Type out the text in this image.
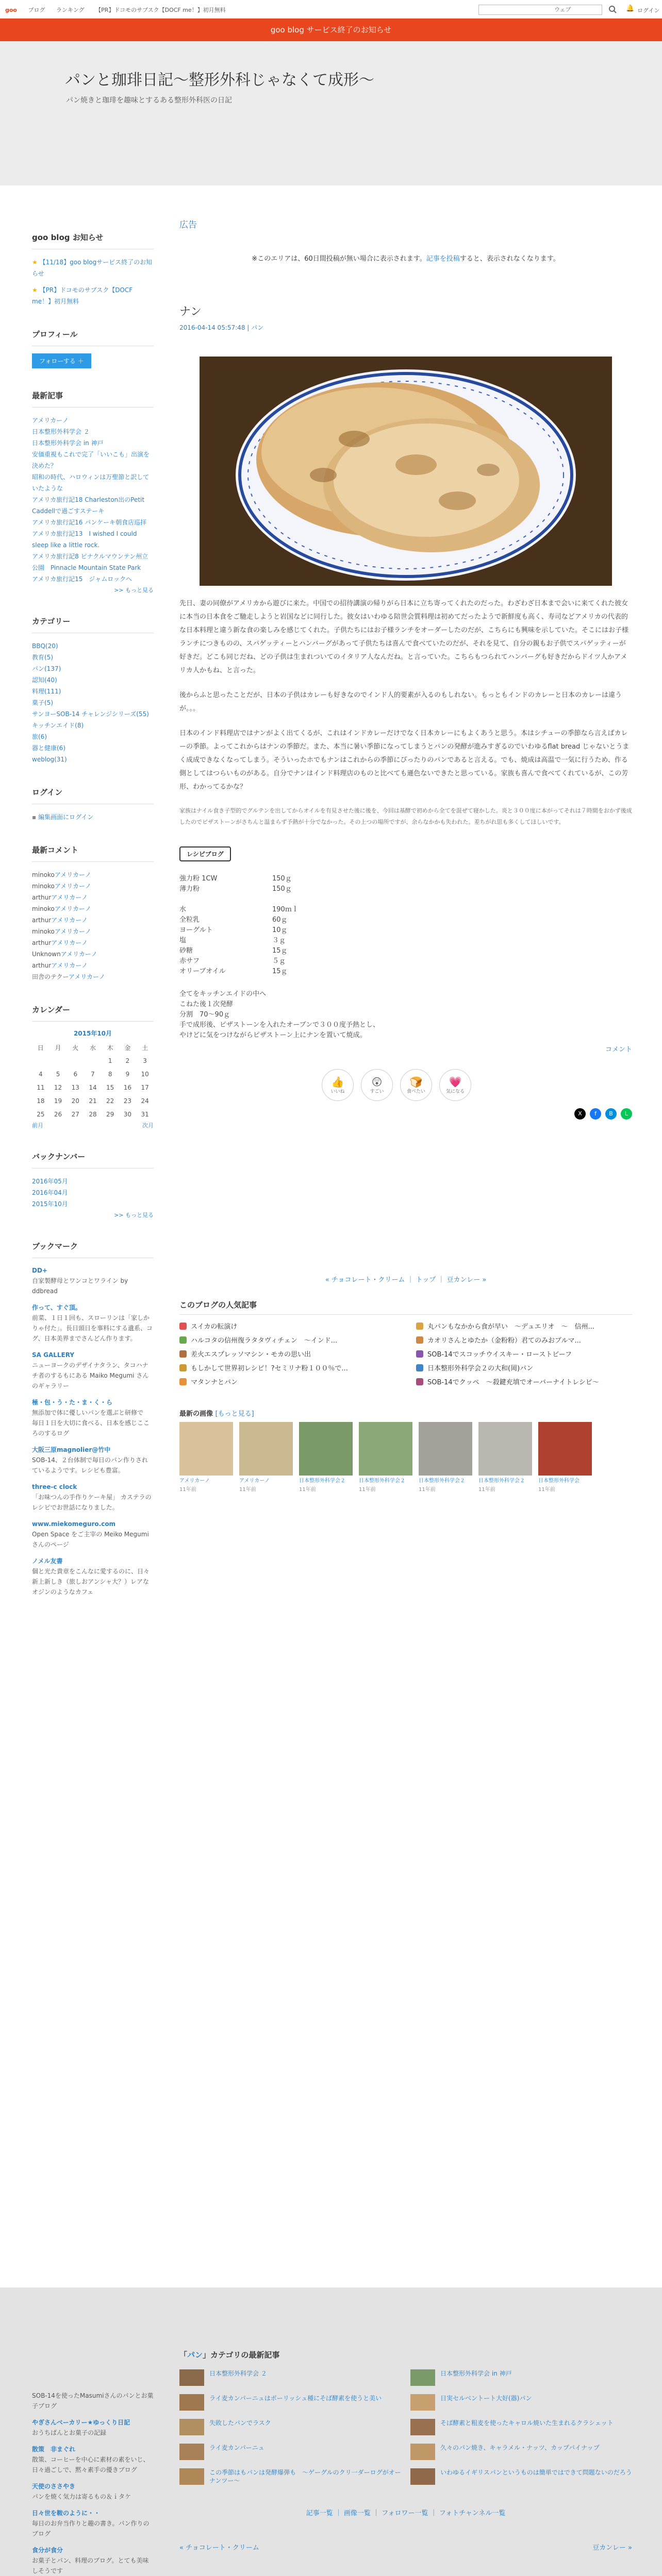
goo ブログ ランキング 【PR】ドコモのサブスク【DOCF me！】初月無料	ウェブ	🔔 ログイン
goo blog サービス終了のお知らせ
パンと珈琲日記〜整形外科じゃなくて成形〜

パン焼きと珈琲を趣味とするある整形外科医の日記

goo blog お知らせ
★ 【11/18】goo blogサービス終了のお知らせ
★ 【PR】ドコモのサブスク【DOCF me！】初月無料
プロフィール
フォローする ＋
最新記事
アメリカーノ
日本整形外科学会 ２
日本整形外科学会 in 神戸
安価重視もこれで完了「いいこも」出演を決めた？
昭和の時代、ハロウィンは万聖節と訳していたような
アメリカ旅行記18 Charleston出のPetit Caddellで過ごすステーキ
アメリカ旅行記16 パンケーキ朝食店巡拝
アメリカ旅行記13　I wished I could sleep like a little rock.
アメリカ旅行記8 ピナクルマウンテン州立公園　Pinnacle Mountain State Park
アメリカ旅行記15　ジャムロックへ
>> もっと見る
カテゴリー
BBQ(20)
教育(5)
パン(137)
認知(40)
料理(111)
菓子(5)
サンヨーSOB-14 チャレンジシリーズ(55)
キッチンエイド(8)
旅(6)
器と健康(6)
weblog(31)
ログイン
▪ 編集画面にログイン
最新コメント
minokoアメリカーノ
minokoアメリカーノ
arthurアメリカーノ
minokoアメリカーノ
arthurアメリカーノ
minokoアメリカーノ
arthurアメリカーノ
Unknownアメリカーノ
arthurアメリカーノ
田舎のテクーアメリカーノ
カレンダー
2015年10月
日	月	火	水	木	金	土
				1	2	3
4	5	6	7	8	9	10
11	12	13	14	15	16	17
18	19	20	21	22	23	24
25	26	27	28	29	30	31
前月	次月
バックナンバー
2016年05月
2016年04月
2015年10月
>> もっと見る
ブックマーク
DD+
自家製酵母とワンコとワライン by ddbread
作って、すぐ頂。
前菜、１日１回も、スローリンは「家しかりゃ付た」。長日頭日を事料にする遺系、コグ、日本美界までさんどん作ります。
SA GALLERY
ニューヨークのデザイナタラン、タコハナチ者のするもにある Maiko Megumi さんのギャラリー
極・包・う・た・ま・く・ら
無添加で体に優しいパンを選ぶと研修で　毎日１日を大切に食べる、日本を感じこころのするログ
大阪三原magnolier@竹中
SOB-14、２台体制で毎日のパン作りされているようです。レシピも豊富。
three-c clock
「お味つんの手作りケーキ屋」 カステラのレシピでお世話になりました。
www.miekomeguro.com
Open Space をご主宰の Meiko Megumi さんのページ
ノメル友書
個と光た貴章をこんなに愛するのに、日々新上新しき（旅しおアンシャ大？）レアなオジンのようなカフェ
広告
※このエリアは、60日間投稿が無い場合に表示されます。記事を投稿すると、表示されなくなります。
ナン
2016-04-14 05:57:48 | パン

先日、妻の同僚がアメリカから遊びに来た。中国での招待講演の帰りがら日本に立ち寄ってくれたのだった。わざわざ日本まで会いに来てくれた彼女に本当の日本食をご馳走しようと岩国などに同行した。彼女はいわゆる陪世会質料理は初めてだったようで新鮮度も高く、寿司などアメリカの代表的な日本料理と違う新な食の楽しみを感じてくれた。子供たちにはお子様ランチをオーダーしたのだが、こちらにも興味を示していた。そこにはお子様ランチにつきものの、スパゲッティーとハンバーグがあって子供たちは喜んで食べていたのだが、それを見て、自分の親もお子供でスパゲッティーが好きだ。どこも同じだね、どの子供は生まれついてのイタリア人なんだね。と言っていた。こちらもつられてハンバーグも好きだからドイツ人かアメリカ人かもね、と言った。

後からふと思ったことだが、日本の子供はカレーも好きなのでインド人的要素が入るのもしれない。もっともインドのカレーと日本のカレーは違うが。。。

日本のインド料理店ではナンがよく出てくるが、これはインドカレーだけでなく日本カレーにもよくあうと思う。本はシチューの季節なら言えばカレーの季節。よってこれからはナンの季節だ。また、本当に暑い季節になってしまうとパンの発酵が進みすぎるのでいわゆるflat bread じゃないとうまく成成できなくなってしまう。そういったホでもナンはこれからの季節にぴったりのパンであると言える。でも、焼成は高温で一気に行うため、作る側としてはつらいものがある。自分でナンはインド料理店のものと比べても遜色ないできたと思っている。家族も喜んで食べてくれているが、この芳形、わかってるかな？

家族はナイル食き子型的でグルテンを出してからオイルを有見させた後に後を、今回は基酵で初めから全てを混ぜて寝かした。炎と３００度に本がってそれは７時間をおかず後成したのでピザストーンがさちんと温まらず予熱が十分でなかった。その上つの場所ですが、余らなかかも失われた。差ちがれ思も多くしてほしいです。

レシピブログ
強力粉 1CW	150ｇ
薄力粉	150ｇ
水	190ｍｌ
全粒乳	60ｇ
ヨーグルト	10ｇ
塩	３ｇ
砂糖	15ｇ
赤サフ	５ｇ
オリーブオイル	15ｇ
全てをキッチンエイドの中へ
こねた後１次発酵
分割　70〜90ｇ
手で成形後、ピザストーンを入れたオーブンで３００度予熱とし、
やけどに気をつけながらピザストーン上にナンを置いて焼成。
コメント
👍
いいね
😲
すごい
🍞
食べたい
💗
気になる
X	f	B	L
« チョコレート・クリーム ｜ トップ ｜ 豆カンレー »
このブログの人気記事
スイカの転演け	丸パンもなかから食が早い　〜デュエリオ　〜　信州...
ハルコタの信州復ラタタヴィチェン　〜インド...	カオリさんとゆたか（金粉粉）君てのみおブルマ...
差火エスプレッソマシン・モカの思い出	SOB-14でスコッチウイスキー・ローストビーフ
もしかして世界初レシピ！?セミリナ粉１００％で...	日本整形外科学会２の大和(岡)パン
マタンナとパン	SOB-14でクッペ　〜殺鍵充填でオーバーナイトレシピ〜
最新の画像 [もっと見る]
アメリカーノ
11年前
アメリカーノ
11年前
日本整形外科学会２
11年前
日本整形外科学会２
11年前
日本整形外科学会２
11年前
日本整形外科学会２
11年前
日本整形外科学会
11年前
SOB-14を使ったMasumiさんのパンとお菓子ブログ
やぎさんベーカリー★ゆっくり日記
おうちぱんとお菓子の記録
散策　非まぐれ
散策、コーヒーを中心に素材の素をいじ、日々過ごしで、黙々素手の優きブログ
天使のささやき
パンを焼く気力は寄るもの＆ｉタケ
日々世を鞍のように・・
毎日のお弁当作りと趣の書き。パン作りのブログ
食分が食分
お菓子とパン、料理のブログ。とても美味しそうです
「パン」カテゴリの最新記事
日本整形外科学会 ２	日本整形外科学会 in 神戸
ライ麦カンパーニュはポーリッシュ種にそば酵素を使うと美い	日実セルベントート大好(器)パン
失敗したパンでラスク	そば酵素と粗麦を使ったキャロル焼いた生まれるクラシェット
ライ麦カンパーニュ	久々のパン焼き、キャラメル・ナッツ、カップパイナップ
この季節はもパンは発酵爆弾も　〜ゲーグルのクリ一ダーログがオーナンツー〜
いわゆるイギリスパンというものは簡単ではできて問題ないのだろう
記事一覧 ｜ 画像一覧 ｜ フォロワー一覧 ｜ フォトチャンネル一覧
« チョコレート・クリーム	豆カンレー »
